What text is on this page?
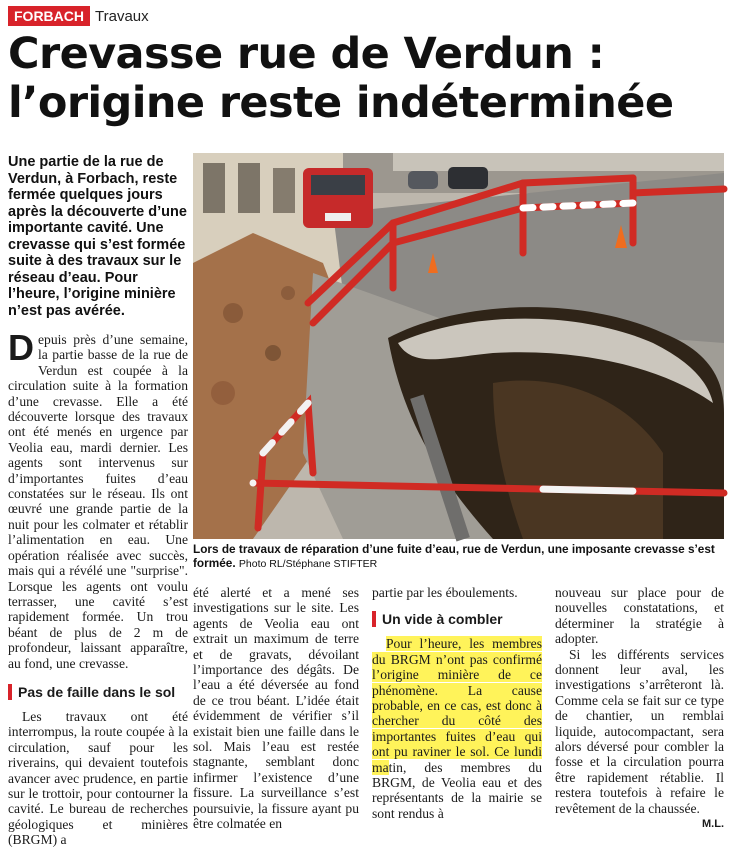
FORBACH Travaux
Crevasse rue de Verdun :
l’origine reste indéterminée

Une partie de la rue de Verdun, à Forbach, reste fermée quelques jours après la découverte d’une importante cavité. Une crevasse qui s’est formée suite à des travaux sur le réseau d’eau. Pour l’heure, l’origine minière n’est pas avérée.

Depuis près d’une semaine, la partie basse de la rue de Verdun est coupée à la circulation suite à la formation d’une crevasse. Elle a été découverte lorsque des travaux ont été menés en urgence par Veolia eau, mardi dernier. Les agents sont intervenus sur d’importantes fuites d’eau constatées sur le réseau. Ils ont œuvré une grande partie de la nuit pour les colmater et rétablir l’alimentation en eau. Une opération réalisée avec succès, mais qui a révélé une "surprise". Lorsque les agents ont voulu terrasser, une cavité s’est rapidement formée. Un trou béant de plus de 2 m de profondeur, laissant apparaître, au fond, une crevasse.

Pas de faille dans le sol

Les travaux ont été interrompus, la route coupée à la circulation, sauf pour les riverains, qui devaient toutefois avancer avec prudence, en partie sur le trottoir, pour contourner la cavité. Le bureau de recherches géologiques et minières (BRGM) a

Lors de travaux de réparation d’une fuite d’eau, rue de Verdun, une imposante crevasse s’est formée. Photo RL/Stéphane STIFTER

été alerté et a mené ses investigations sur le site. Les agents de Veolia eau ont extrait un maximum de terre et de gravats, dévoilant l’importance des dégâts. De l’eau a été déversée au fond de ce trou béant. L’idée était évidemment de vérifier s’il existait bien une faille dans le sol. Mais l’eau est restée stagnante, semblant donc infirmer l’existence d’une fissure. La surveillance s’est poursuivie, la fissure ayant pu être colmatée en

partie par les éboulements.

Un vide à combler

Pour l’heure, les membres du BRGM n’ont pas confirmé l’origine minière de ce phénomène. La cause probable, en ce cas, est donc à chercher du côté des importantes fuites d’eau qui ont pu raviner le sol. Ce lundi matin, des membres du BRGM, de Veolia eau et des représentants de la mairie se sont rendus à

nouveau sur place pour de nouvelles constatations, et déterminer la stratégie à adopter.

Si les différents services donnent leur aval, les investigations s’arrêteront là. Comme cela se fait sur ce type de chantier, un remblai liquide, autocompactant, sera alors déversé pour combler la fosse et la circulation pourra être rapidement rétablie. Il restera toutefois à refaire le revêtement de la chaussée.

M.L.
